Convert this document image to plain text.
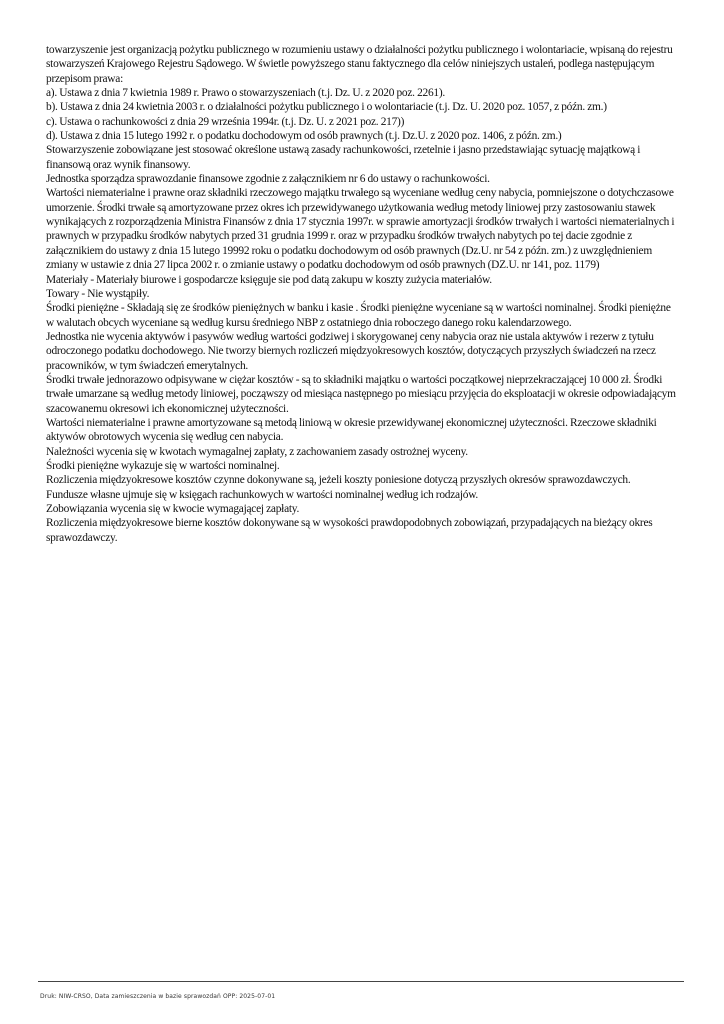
towarzyszenie jest organizacją pożytku publicznego w rozumieniu ustawy o działalności pożytku publicznego i wolontariacie, wpisaną do rejestru stowarzyszeń Krajowego Rejestru Sądowego. W świetle powyższego stanu faktycznego dla celów niniejszych ustaleń, podlega następującym przepisom prawa:

a). Ustawa z dnia 7 kwietnia 1989 r. Prawo o stowarzyszeniach (t.j. Dz. U. z 2020 poz. 2261).

b). Ustawa z dnia 24 kwietnia 2003 r. o działalności pożytku publicznego i o wolontariacie (t.j. Dz. U. 2020 poz. 1057, z późn. zm.)

c). Ustawa o rachunkowości z dnia 29 września 1994r. (t.j. Dz. U. z 2021 poz. 217))

d). Ustawa z dnia 15 lutego 1992 r. o podatku dochodowym od osób prawnych (t.j. Dz.U. z 2020 poz. 1406, z późn. zm.)

Stowarzyszenie zobowiązane jest stosować określone ustawą zasady rachunkowości, rzetelnie i jasno przedstawiając sytuację majątkową i finansową oraz wynik finansowy.

Jednostka sporządza sprawozdanie finansowe zgodnie z załącznikiem nr 6 do ustawy o rachunkowości.

Wartości niematerialne i prawne oraz składniki rzeczowego majątku trwałego są wyceniane według ceny nabycia, pomniejszone o dotychczasowe umorzenie. Środki trwałe są amortyzowane przez okres ich przewidywanego użytkowania według metody liniowej przy zastosowaniu stawek wynikających z rozporządzenia Ministra Finansów z dnia 17 stycznia 1997r. w sprawie amortyzacji środków trwałych i wartości niematerialnych i prawnych w przypadku środków nabytych przed 31 grudnia 1999 r. oraz w przypadku środków trwałych nabytych po tej dacie zgodnie z załącznikiem do ustawy z dnia 15 lutego 19992 roku o podatku dochodowym od osób prawnych (Dz.U. nr 54 z późn. zm.) z uwzględnieniem zmiany w ustawie z dnia 27 lipca 2002 r. o zmianie ustawy o podatku dochodowym od osób prawnych (DZ.U. nr 141, poz. 1179)

Materiały - Materiały biurowe i gospodarcze księguje sie pod datą zakupu w koszty zużycia materiałów.

Towary - Nie wystąpiły.

Środki pieniężne - Składają się ze środków pieniężnych w banku i kasie . Środki pieniężne wyceniane są w wartości nominalnej. Środki pieniężne w walutach obcych wyceniane są według kursu średniego NBP z ostatniego dnia roboczego danego roku kalendarzowego.

Jednostka nie wycenia aktywów i pasywów według wartości godziwej i skorygowanej ceny nabycia oraz nie ustala aktywów i rezerw z tytułu odroczonego podatku dochodowego. Nie tworzy biernych rozliczeń międzyokresowych kosztów, dotyczących przyszłych świadczeń na rzecz pracowników, w tym świadczeń emerytalnych.

Środki trwałe jednorazowo odpisywane w ciężar kosztów - są to składniki majątku o wartości początkowej nieprzekraczającej 10 000 zł. Środki trwałe umarzane są według metody liniowej, począwszy od miesiąca następnego po miesiącu przyjęcia do eksploatacji w okresie odpowiadającym szacowanemu okresowi ich ekonomicznej użyteczności.

Wartości niematerialne i prawne amortyzowane są metodą liniową w okresie przewidywanej ekonomicznej użyteczności. Rzeczowe składniki aktywów obrotowych wycenia się według cen nabycia.

Należności wycenia się w kwotach wymagalnej zapłaty, z zachowaniem zasady ostrożnej wyceny.

Środki pieniężne wykazuje się w wartości nominalnej.

Rozliczenia międzyokresowe kosztów czynne dokonywane są, jeżeli koszty poniesione dotyczą przyszłych okresów sprawozdawczych.

Fundusze własne ujmuje się w księgach rachunkowych w wartości nominalnej według ich rodzajów.

Zobowiązania wycenia się w kwocie wymagającej zapłaty.

Rozliczenia międzyokresowe bierne kosztów dokonywane są w wysokości prawdopodobnych zobowiązań, przypadających na bieżący okres sprawozdawczy.

Druk: NIW-CRSO, Data zamieszczenia w bazie sprawozdań OPP: 2025-07-01
